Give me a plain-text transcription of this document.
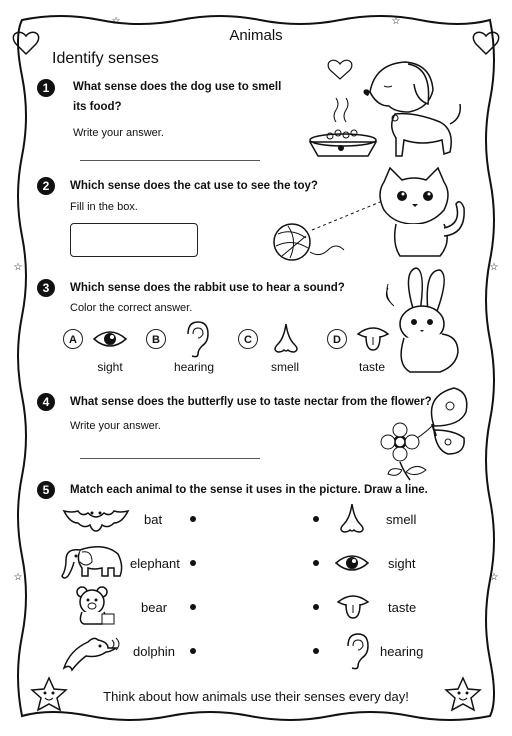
☆	☆
☆	☆
☆	☆
Animals
Identify senses
1	What sense does the dog use to smell
its food?
Write your answer.
2	Which sense does the cat use to see the toy?
Fill in the box.
3	Which sense does the rabbit use to hear a sound?
Color the correct answer.
A
sight
B
hearing
C
smell
D
taste
4	What sense does the butterfly use to taste nectar from the flower?
Write your answer.
5	Match each animal to the sense it uses in the picture. Draw a line.
bat	smell
elephant	sight
bear	taste
dolphin	hearing
Think about how animals use their senses every day!
